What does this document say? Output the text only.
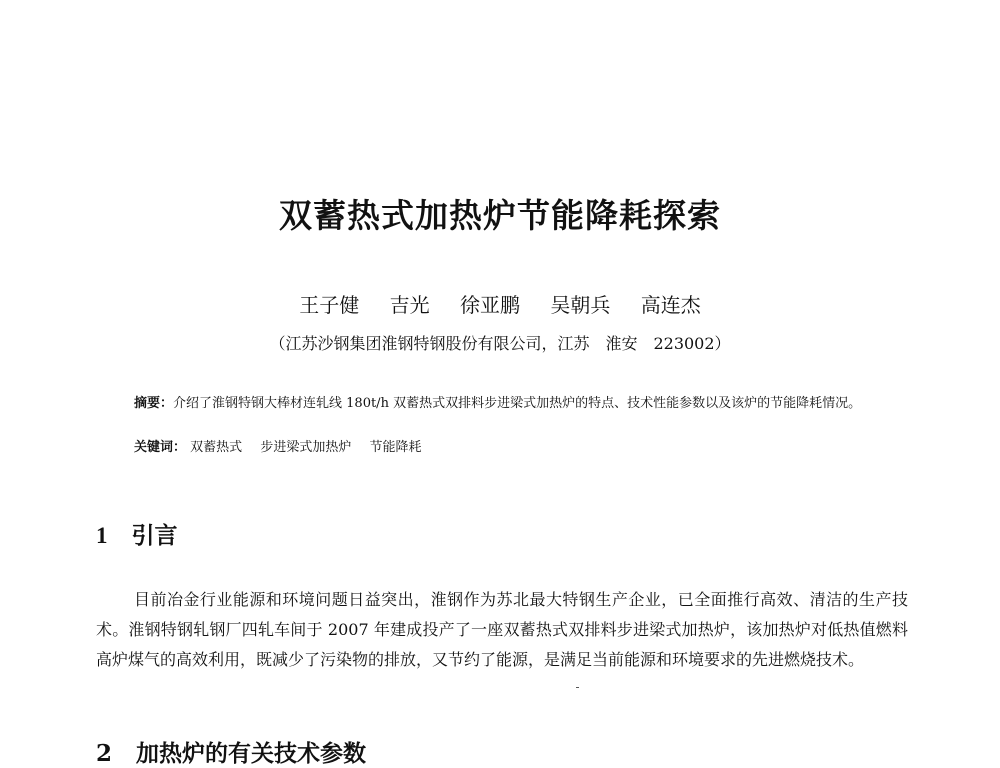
双蓄热式加热炉节能降耗探索
王子健 吉光 徐亚鹏 吴朝兵 高连杰
（江苏沙钢集团淮钢特钢股份有限公司，江苏　淮安　223002）
摘要：介绍了淮钢特钢大棒材连轧线 180t/h 双蓄热式双排料步进梁式加热炉的特点、技术性能参数以及该炉的节能降耗情况。
关键词： 双蓄热式 步进梁式加热炉 节能降耗
1 引言
目前冶金行业能源和环境问题日益突出，淮钢作为苏北最大特钢生产企业，已全面推行高效、清洁的生产技术。淮钢特钢轧钢厂四轧车间于 2007 年建成投产了一座双蓄热式双排料步进梁式加热炉，该加热炉对低热值燃料高炉煤气的高效利用，既减少了污染物的排放，又节约了能源，是满足当前能源和环境要求的先进燃烧技术。
2 加热炉的有关技术参数
